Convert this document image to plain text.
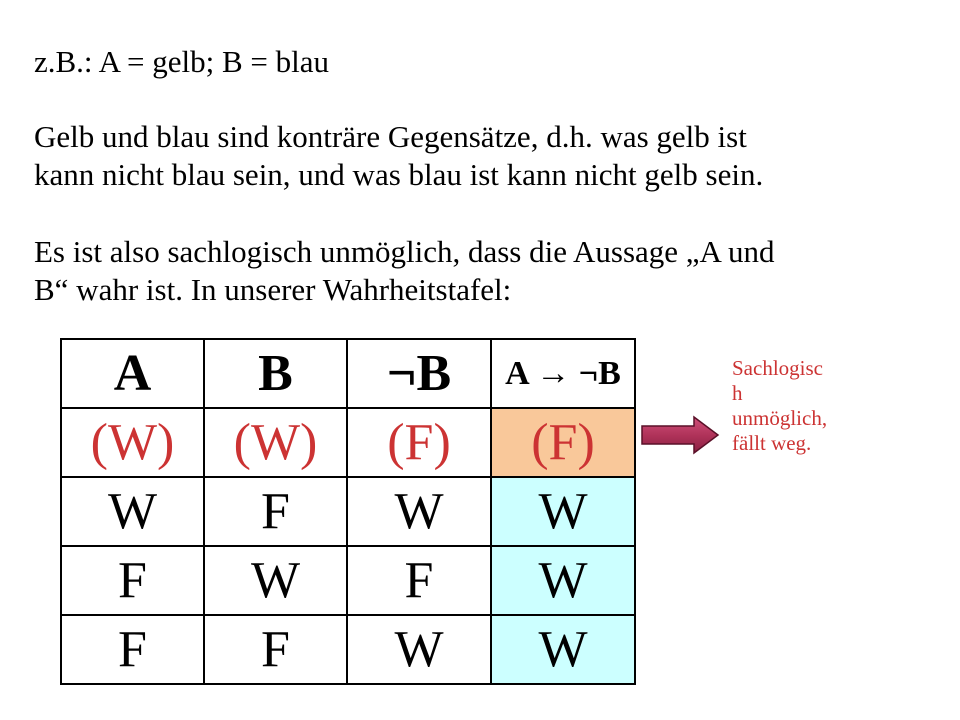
z.B.: A = gelb; B = blau

Gelb und blau sind konträre Gegensätze, d.h. was gelb ist
kann nicht blau sein, und was blau ist kann nicht gelb sein.

Es ist also sachlogisch unmöglich, dass die Aussage „A und
B“ wahr ist. In unserer Wahrheitstafel:

A	B	¬B	A → ¬B
(W)	(W)	(F)	(F)
W	F	W	W
F	W	F	W
F	F	W	W

Sachlogisc
h
unmöglich,
fällt weg.
